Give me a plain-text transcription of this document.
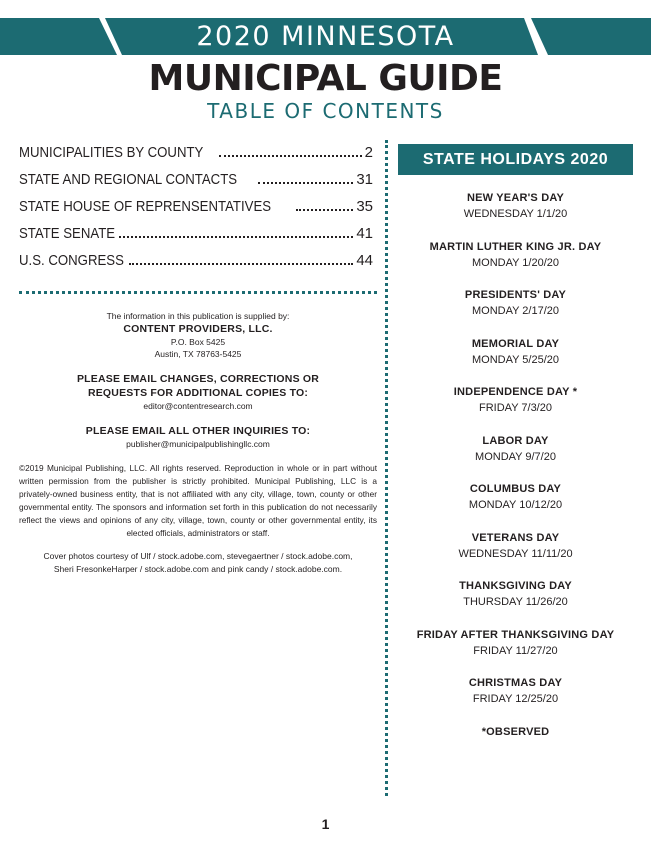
2020 MINNESOTA
MUNICIPAL GUIDE
TABLE OF CONTENTS
MUNICIPALITIES BY COUNTY	2
STATE AND REGIONAL CONTACTS	31
STATE HOUSE OF REPRENSENTATIVES	35
STATE SENATE	41
U.S. CONGRESS	44
The information in this publication is supplied by:
CONTENT PROVIDERS, LLC.
P.O. Box 5425
Austin, TX 78763-5425
PLEASE EMAIL CHANGES, CORRECTIONS OR
REQUESTS FOR ADDITIONAL COPIES TO:
editor@contentresearch.com
PLEASE EMAIL ALL OTHER INQUIRIES TO:
publisher@municipalpublishingllc.com
©2019 Municipal Publishing, LLC. All rights reserved. Reproduction in whole or in part without written permission from the publisher is strictly prohibited. Municipal Publishing, LLC is a privately-owned business entity, that is not affiliated with any city, village, town, county or other governmental entity. The sponsors and information set forth in this publication do not necessarily reflect the views and opinions of any city, village, town, county or other governmental entity, its elected officials, administrators or staff.
Cover photos courtesy of Ulf / stock.adobe.com, stevegaertner / stock.adobe.com,
Sheri FresonkeHarper / stock.adobe.com and pink candy / stock.adobe.com.
STATE HOLIDAYS 2020
NEW YEAR'S DAY
WEDNESDAY 1/1/20
MARTIN LUTHER KING JR. DAY
MONDAY 1/20/20
PRESIDENTS' DAY
MONDAY 2/17/20
MEMORIAL DAY
MONDAY 5/25/20
INDEPENDENCE DAY *
FRIDAY 7/3/20
LABOR DAY
MONDAY 9/7/20
COLUMBUS DAY
MONDAY 10/12/20
VETERANS DAY
WEDNESDAY 11/11/20
THANKSGIVING DAY
THURSDAY 11/26/20
FRIDAY AFTER THANKSGIVING DAY
FRIDAY 11/27/20
CHRISTMAS DAY
FRIDAY 12/25/20
*OBSERVED
1
